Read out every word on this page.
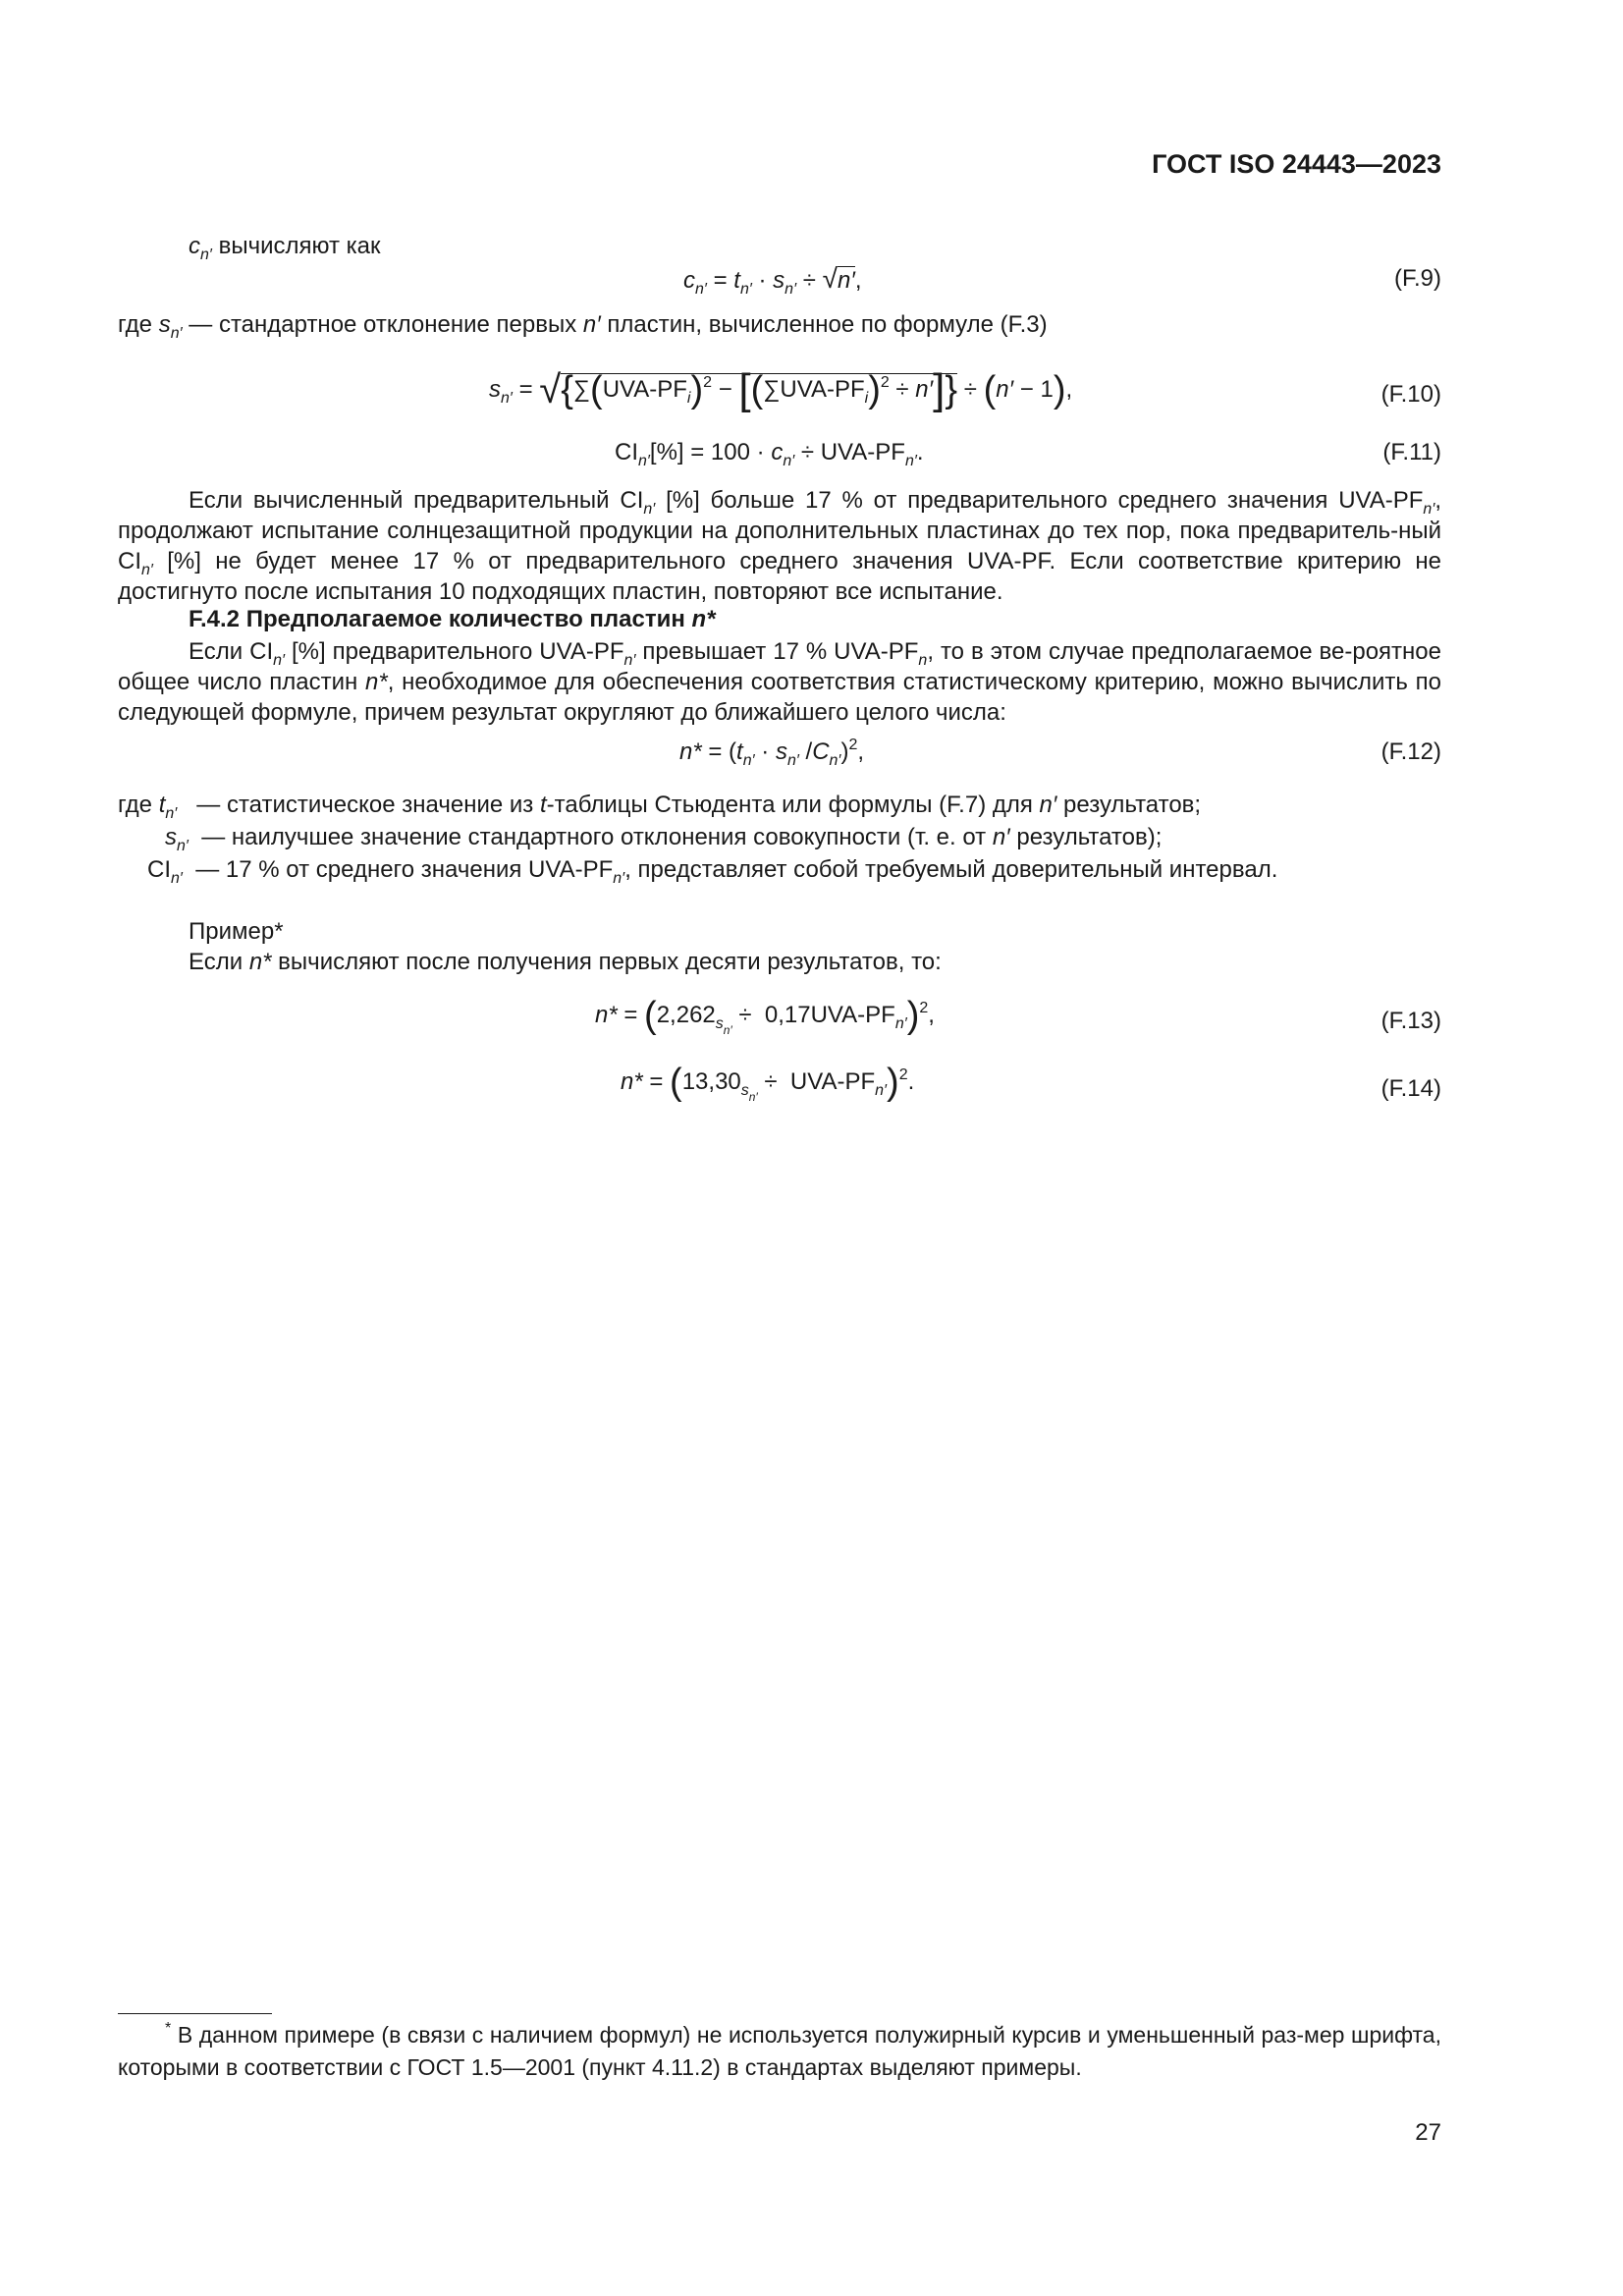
ГОСТ ISO 24443—2023
$c_{n'}$ вычисляют как
$c_{n'} = t_{n'} \cdot s_{n'} \div √n'$,	(F.9)
где $s_{n'}$ — стандартное отклонение первых n′ пластин, вычисленное по формуле (F.3)
$s_{n'} = √\{\sum(UVA-PF_i)^2 - [(\sum UVA-PF_i)^2 \div n']\} \div (n' - 1)$,	(F.10)
$CI_{n'}[\%] = 100 \cdot c_{n'} \div UVA-PF_{n'}$.	(F.11)
Если вычисленный предварительный $CI_{n'}$ [%] больше 17 % от предварительного среднего значения UVA-$PF_{n'}$, продолжают испытание солнцезащитной продукции на дополнительных пластинах до тех пор, пока предваритель-ный $CI_{n'}$ [%] не будет менее 17 % от предварительного среднего значения UVA-PF. Если соответствие критерию не достигнуто после испытания 10 подходящих пластин, повторяют все испытание.
F.4.2 Предполагаемое количество пластин n*
Если $CI_{n'}$ [%] предварительного UVA-$PF_{n'}$ превышает 17 % UVA-$PF_n$, то в этом случае предполагаемое ве-роятное общее число пластин n*, необходимое для обеспечения соответствия статистическому критерию, можно вычислить по следующей формуле, причем результат округляют до ближайшего целого числа:
$n* = (t_{n'} \cdot s_{n'}$ $/C_{n'})^2$,	(F.12)
где $t_{n'}$   — статистическое значение из t-таблицы Стьюдента или формулы (F.7) для n′ результатов;
$s_{n'}$  — наилучшее значение стандартного отклонения совокупности (т. е. от n′ результатов);
$CI_{n'}$  — 17 % от среднего значения UVA-$PF_{n'}$, представляет собой требуемый доверительный интервал.
Пример*
Если n* вычисляют после получения первых десяти результатов, то:
$n* = (2,262_{s_{n'}} \div 0,17UVA-PF_{n'})^2$,	(F.13)
$n* = (13,30_{s_{n'}} \div UVA-PF_{n'})^2$.	(F.14)
* В данном примере (в связи с наличием формул) не используется полужирный курсив и уменьшенный раз-мер шрифта, которыми в соответствии с ГОСТ 1.5—2001 (пункт 4.11.2) в стандартах выделяют примеры.
27
